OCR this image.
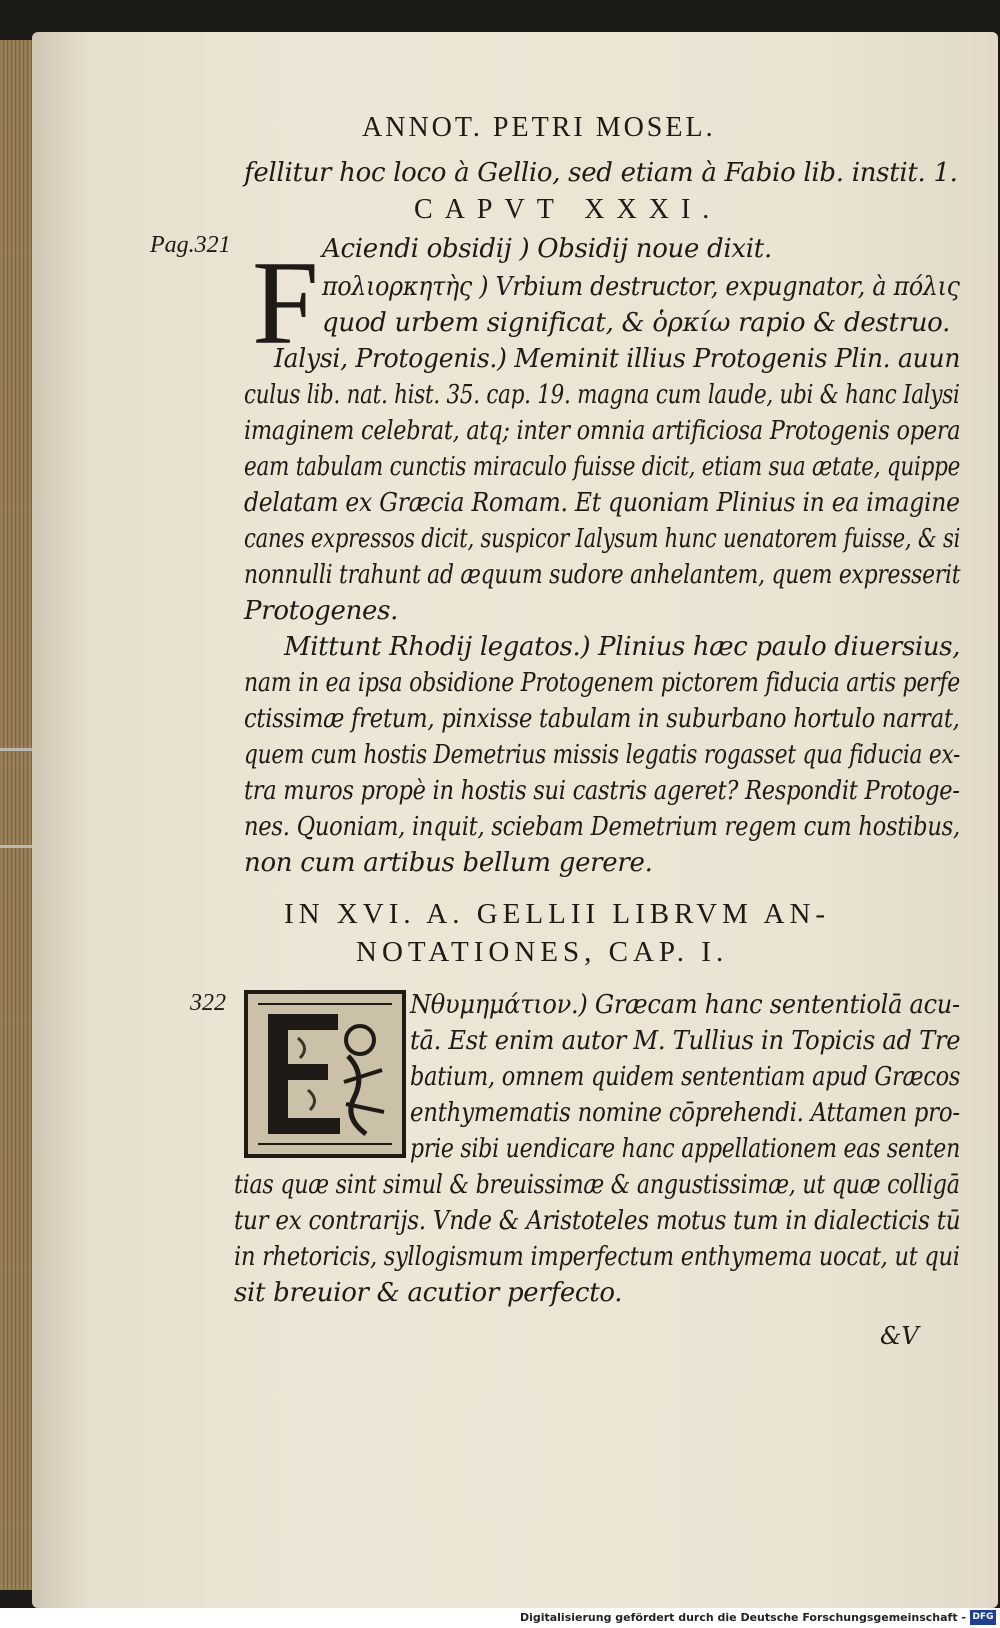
ANNOT. PETRI MOSEL.
fellitur hoc loco à Gellio, sed etiam à Fabio lib. instit. 1.
CAPVT XXXI.
Pag.321 F Aciendi obsidij ) Obsidij noue dixit.
πολιορκητὴς ) Vrbium destructor, expugnator, à πόλις
quod urbem significat, & ὁρκίω rapio & destruo.
Ialysi, Protogenis.) Meminit illius Protogenis Plin. auun
culus lib. nat. hist. 35. cap. 19. magna cum laude, ubi & hanc Ialysi
imaginem celebrat, atq; inter omnia artificiosa Protogenis opera
eam tabulam cunctis miraculo fuisse dicit, etiam sua ætate, quippe
delatam ex Græcia Romam. Et quoniam Plinius in ea imagine
canes expressos dicit, suspicor Ialysum hunc uenatorem fuisse, & si
nonnulli trahunt ad æquum sudore anhelantem, quem expresserit
Protogenes.
Mittunt Rhodij legatos.) Plinius hæc paulo diuersius,
nam in ea ipsa obsidione Protogenem pictorem fiducia artis perfe
ctissimæ fretum, pinxisse tabulam in suburbano hortulo narrat,
quem cum hostis Demetrius missis legatis rogasset qua fiducia ex-
tra muros propè in hostis sui castris ageret? Respondit Protoge-
nes. Quoniam, inquit, sciebam Demetrium regem cum hostibus,
non cum artibus bellum gerere.
IN XVI. A. GELLII LIBRVM AN-
NOTATIONES, CAP. I.
322	Νθυμημάτιον.) Græcam hanc sententiolā acu-
tā. Est enim autor M. Tullius in Topicis ad Tre
batium, omnem quidem sententiam apud Græcos
enthymematis nomine cōprehendi. Attamen pro-
prie sibi uendicare hanc appellationem eas senten
tias quæ sint simul & breuissimæ & angustissimæ, ut quæ colligā
tur ex contrarijs. Vnde & Aristoteles motus tum in dialecticis tū
in rhetoricis, syllogismum imperfectum enthymema uocat, ut qui
sit breuior & acutior perfecto.
&V
Digitalisierung gefördert durch die Deutsche Forschungsgemeinschaft - DFG
